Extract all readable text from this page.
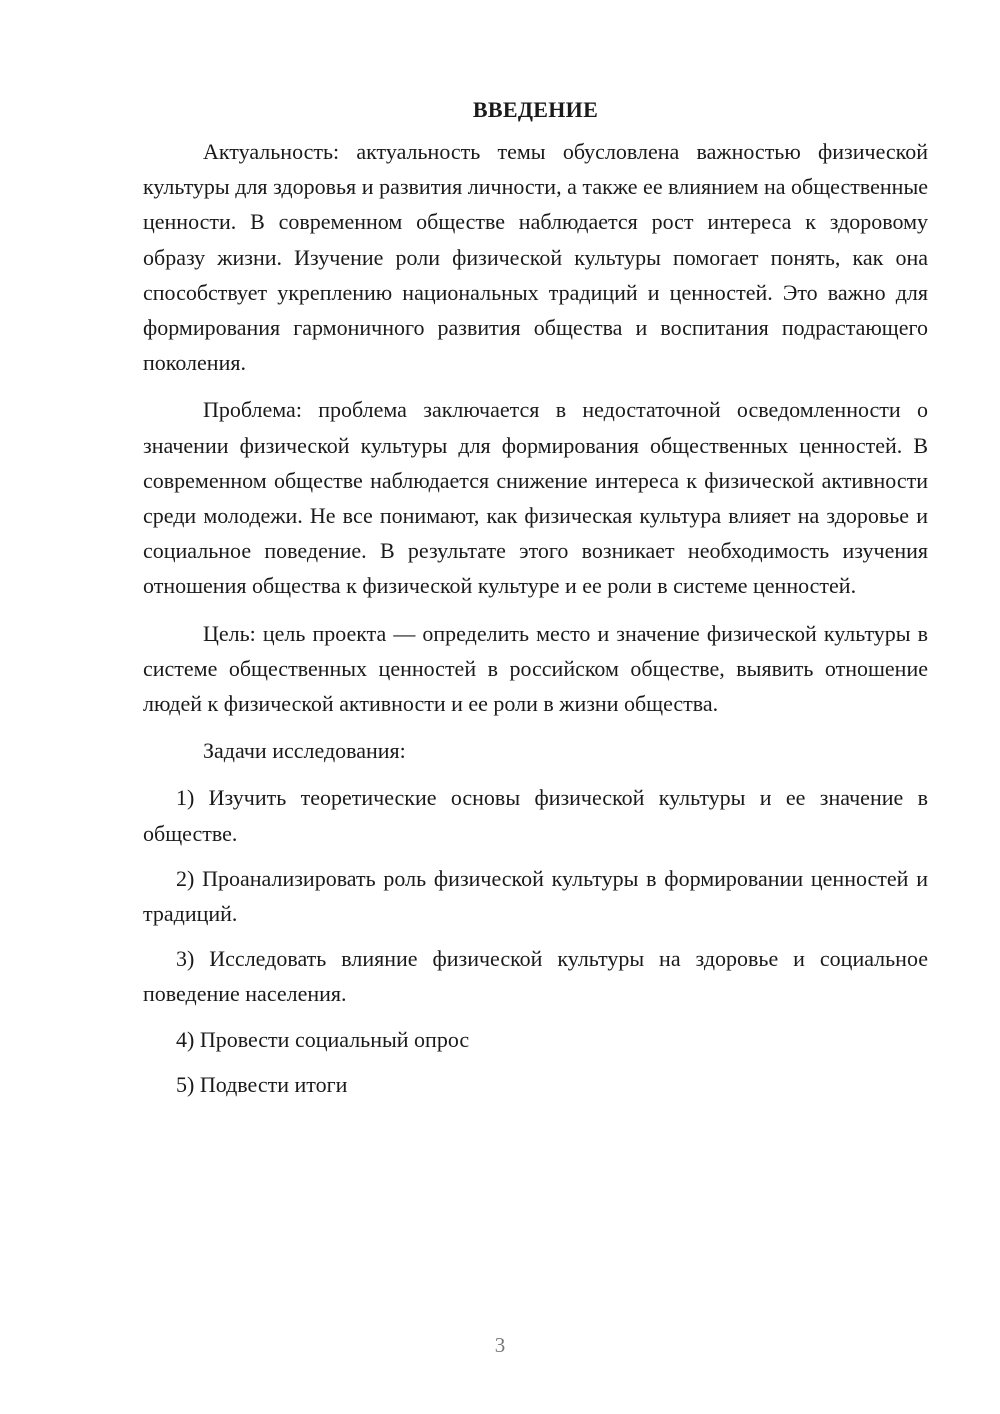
ВВЕДЕНИЕ

Актуальность: актуальность темы обусловлена важностью физической культуры для здоровья и развития личности, а также ее влиянием на общественные ценности. В современном обществе наблюдается рост интереса к здоровому образу жизни. Изучение роли физической культуры помогает понять, как она способствует укреплению национальных традиций и ценностей. Это важно для формирования гармоничного развития общества и воспитания подрастающего поколения.

Проблема: проблема заключается в недостаточной осведомленности о значении физической культуры для формирования общественных ценностей. В современном обществе наблюдается снижение интереса к физической активности среди молодежи. Не все понимают, как физическая культура влияет на здоровье и социальное поведение. В результате этого возникает необходимость изучения отношения общества к физической культуре и ее роли в системе ценностей.

Цель: цель проекта — определить место и значение физической культуры в системе общественных ценностей в российском обществе, выявить отношение людей к физической активности и ее роли в жизни общества.

Задачи исследования:

1) Изучить теоретические основы физической культуры и ее значение в обществе.

2) Проанализировать роль физической культуры в формировании ценностей и традиций.

3) Исследовать влияние физической культуры на здоровье и социальное поведение населения.

4) Провести социальный опрос

5) Подвести итоги

3
